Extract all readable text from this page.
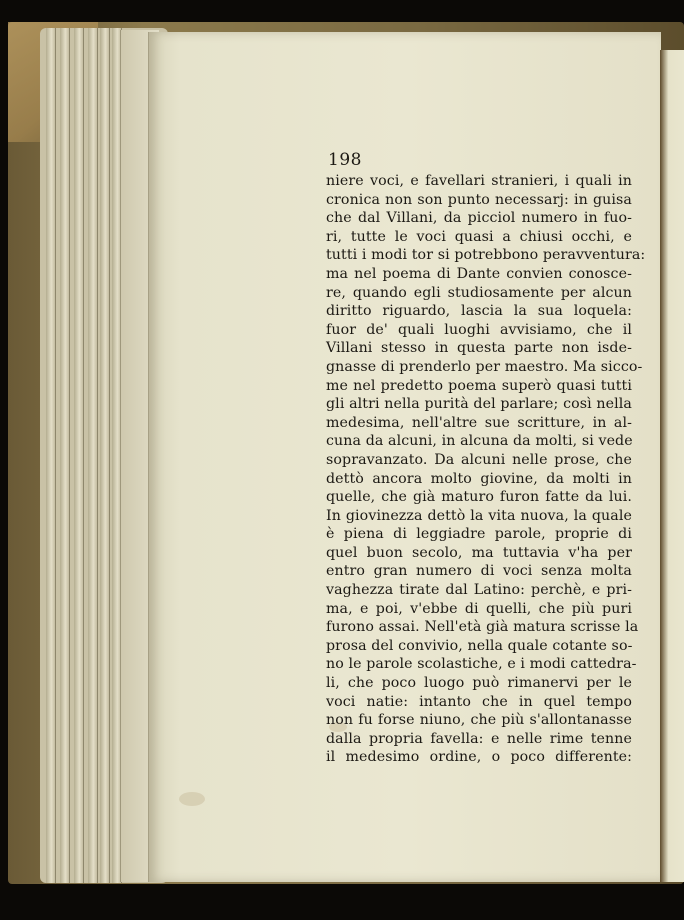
198
niere voci, e favellari stranieri, i quali in
cronica non son punto necessarj: in guisa
che dal Villani, da picciol numero in fuo-
ri, tutte le voci quasi a chiusi occhi, e
tutti i modi tor si potrebbono peravventura:
ma nel poema di Dante convien conosce-
re, quando egli studiosamente per alcun
diritto riguardo, lascia la sua loquela:
fuor de' quali luoghi avvisiamo, che il
Villani stesso in questa parte non isde-
gnasse di prenderlo per maestro. Ma sicco-
me nel predetto poema superò quasi tutti
gli altri nella purità del parlare; così nella
medesima, nell'altre sue scritture, in al-
cuna da alcuni, in alcuna da molti, si vede
sopravanzato. Da alcuni nelle prose, che
dettò ancora molto giovine, da molti in
quelle, che già maturo furon fatte da lui.
In giovinezza dettò la vita nuova, la quale
è piena di leggiadre parole, proprie di
quel buon secolo, ma tuttavia v'ha per
entro gran numero di voci senza molta
vaghezza tirate dal Latino: perchè, e pri-
ma, e poi, v'ebbe di quelli, che più puri
furono assai. Nell'età già matura scrisse la
prosa del convivio, nella quale cotante so-
no le parole scolastiche, e i modi cattedra-
li, che poco luogo può rimanervi per le
voci natie: intanto che in quel tempo
non fu forse niuno, che più s'allontanasse
dalla propria favella: e nelle rime tenne
il medesimo ordine, o poco differente:
